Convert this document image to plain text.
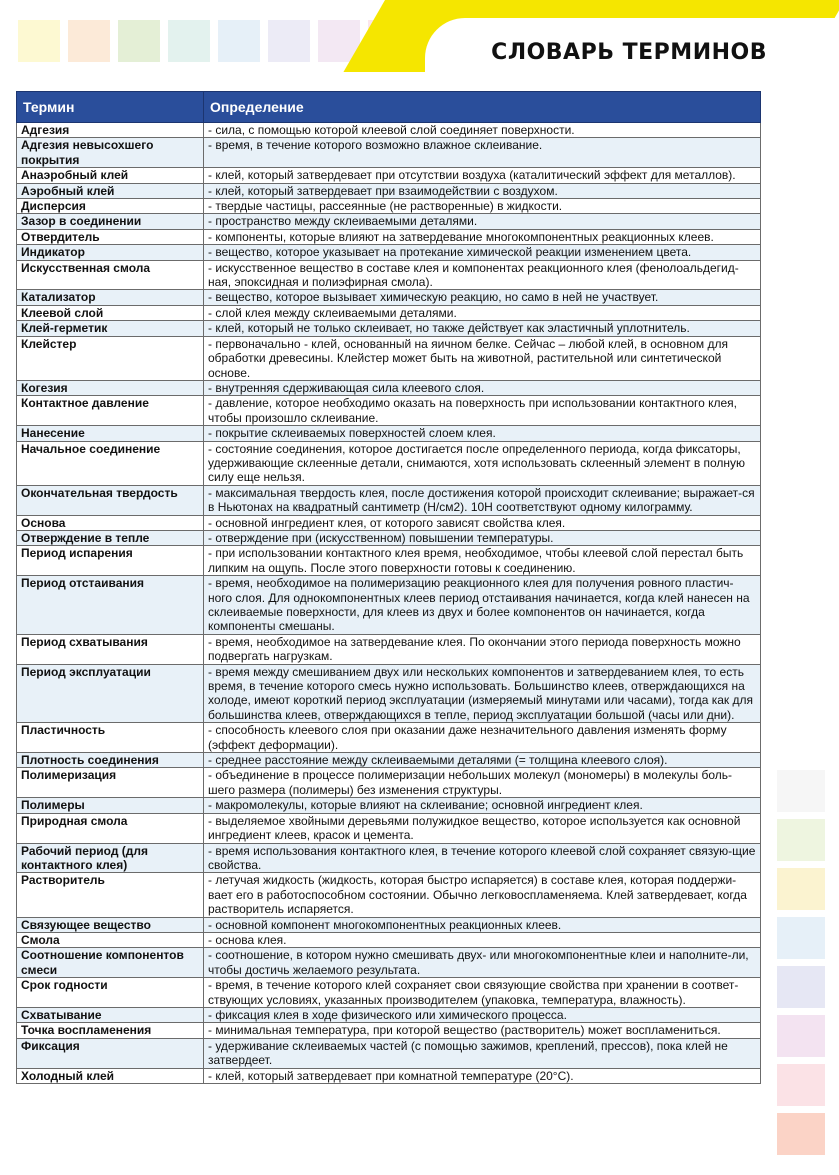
СЛОВАРЬ ТЕРМИНОВ
Термин	Определение
Адгезия	- сила, с помощью которой клеевой слой соединяет поверхности.
Адгезия невысохшего покрытия	- время, в течение которого возможно влажное склеивание.
Анаэробный клей	- клей, который затвердевает при отсутствии воздуха (каталитический эффект для металлов).
Аэробный клей	- клей, который затвердевает при взаимодействии с воздухом.
Дисперсия	- твердые частицы, рассеянные (не растворенные) в жидкости.
Зазор в соединении	- пространство между склеиваемыми деталями.
Отвердитель	- компоненты, которые влияют на затвердевание многокомпонентных реакционных клеев.
Индикатор	- вещество, которое указывает на протекание химической реакции изменением цвета.
Искусственная смола	- искусственное вещество в составе клея и компонентах реакционного клея (фенолоальдегид-ная, эпоксидная и полиэфирная смола).
Катализатор	- вещество, которое вызывает химическую реакцию, но само в ней не участвует.
Клеевой слой	- слой клея между склеиваемыми деталями.
Клей-герметик	- клей, который не только склеивает, но также действует как эластичный уплотнитель.
Клейстер	- первоначально - клей, основанный на яичном белке. Сейчас – любой клей, в основном для обработки древесины. Клейстер может быть на животной, растительной или синтетической основе.
Когезия	- внутренняя сдерживающая сила клеевого слоя.
Контактное давление	- давление, которое необходимо оказать на поверхность при использовании контактного клея, чтобы произошло склеивание.
Нанесение	- покрытие склеиваемых поверхностей слоем клея.
Начальное соединение	- состояние соединения, которое достигается после определенного периода, когда фиксаторы, удерживающие склеенные детали, снимаются, хотя использовать склеенный элемент в полную силу еще нельзя.
Окончательная твердость	- максимальная твердость клея, после достижения которой происходит склеивание; выражает-ся в Ньютонах на квадратный сантиметр (Н/см2). 10Н соответствуют одному килограмму.
Основа	- основной ингредиент клея, от которого зависят свойства клея.
Отверждение в тепле	- отверждение при (искусственном) повышении температуры.
Период испарения	- при использовании контактного клея время, необходимое, чтобы клеевой слой перестал быть липким на ощупь. После этого поверхности готовы к соединению.
Период отстаивания	- время, необходимое на полимеризацию реакционного клея для получения ровного пластич-ного слоя. Для однокомпонентных клеев период отстаивания начинается, когда клей нанесен на склеиваемые поверхности, для клеев из двух и более компонентов он начинается, когда компоненты смешаны.
Период схватывания	- время, необходимое на затвердевание клея. По окончании этого периода поверхность можно подвергать нагрузкам.
Период эксплуатации	- время между смешиванием двух или нескольких компонентов и затвердеванием клея, то есть время, в течение которого смесь нужно использовать. Большинство клеев, отверждающихся на холоде, имеют короткий период эксплуатации (измеряемый минутами или часами), тогда как для большинства клеев, отверждающихся в тепле, период эксплуатации большой (часы или дни).
Пластичность	- способность клеевого слоя при оказании даже незначительного давления изменять форму (эффект деформации).
Плотность соединения	- среднее расстояние между склеиваемыми деталями (= толщина клеевого слоя).
Полимеризация	- объединение в процессе полимеризации небольших молекул (мономеры) в молекулы боль-шего размера (полимеры) без изменения структуры.
Полимеры	- макромолекулы, которые влияют на склеивание; основной ингредиент клея.
Природная смола	- выделяемое хвойными деревьями полужидкое вещество, которое используется как основной ингредиент клеев, красок и цемента.
Рабочий период (для контактного клея)	- время использования контактного клея, в течение которого клеевой слой сохраняет связую-щие свойства.
Растворитель	- летучая жидкость (жидкость, которая быстро испаряется) в составе клея, которая поддержи-вает его в работоспособном состоянии. Обычно легковоспламеняема. Клей затвердевает, когда растворитель испаряется.
Связующее вещество	- основной компонент многокомпонентных реакционных клеев.
Смола	- основа клея.
Соотношение компонентов смеси	- соотношение, в котором нужно смешивать двух- или многокомпонентные клеи и наполните-ли, чтобы достичь желаемого результата.
Срок годности	- время, в течение которого клей сохраняет свои связующие свойства при хранении в соответ-ствующих условиях, указанных производителем (упаковка, температура, влажность).
Схватывание	- фиксация клея в ходе физического или химического процесса.
Точка воспламенения	- минимальная температура, при которой вещество (растворитель) может воспламениться.
Фиксация	- удерживание склеиваемых частей (с помощью зажимов, креплений, прессов), пока клей не затвердеет.
Холодный клей	- клей, который затвердевает при комнатной температуре (20°С).
